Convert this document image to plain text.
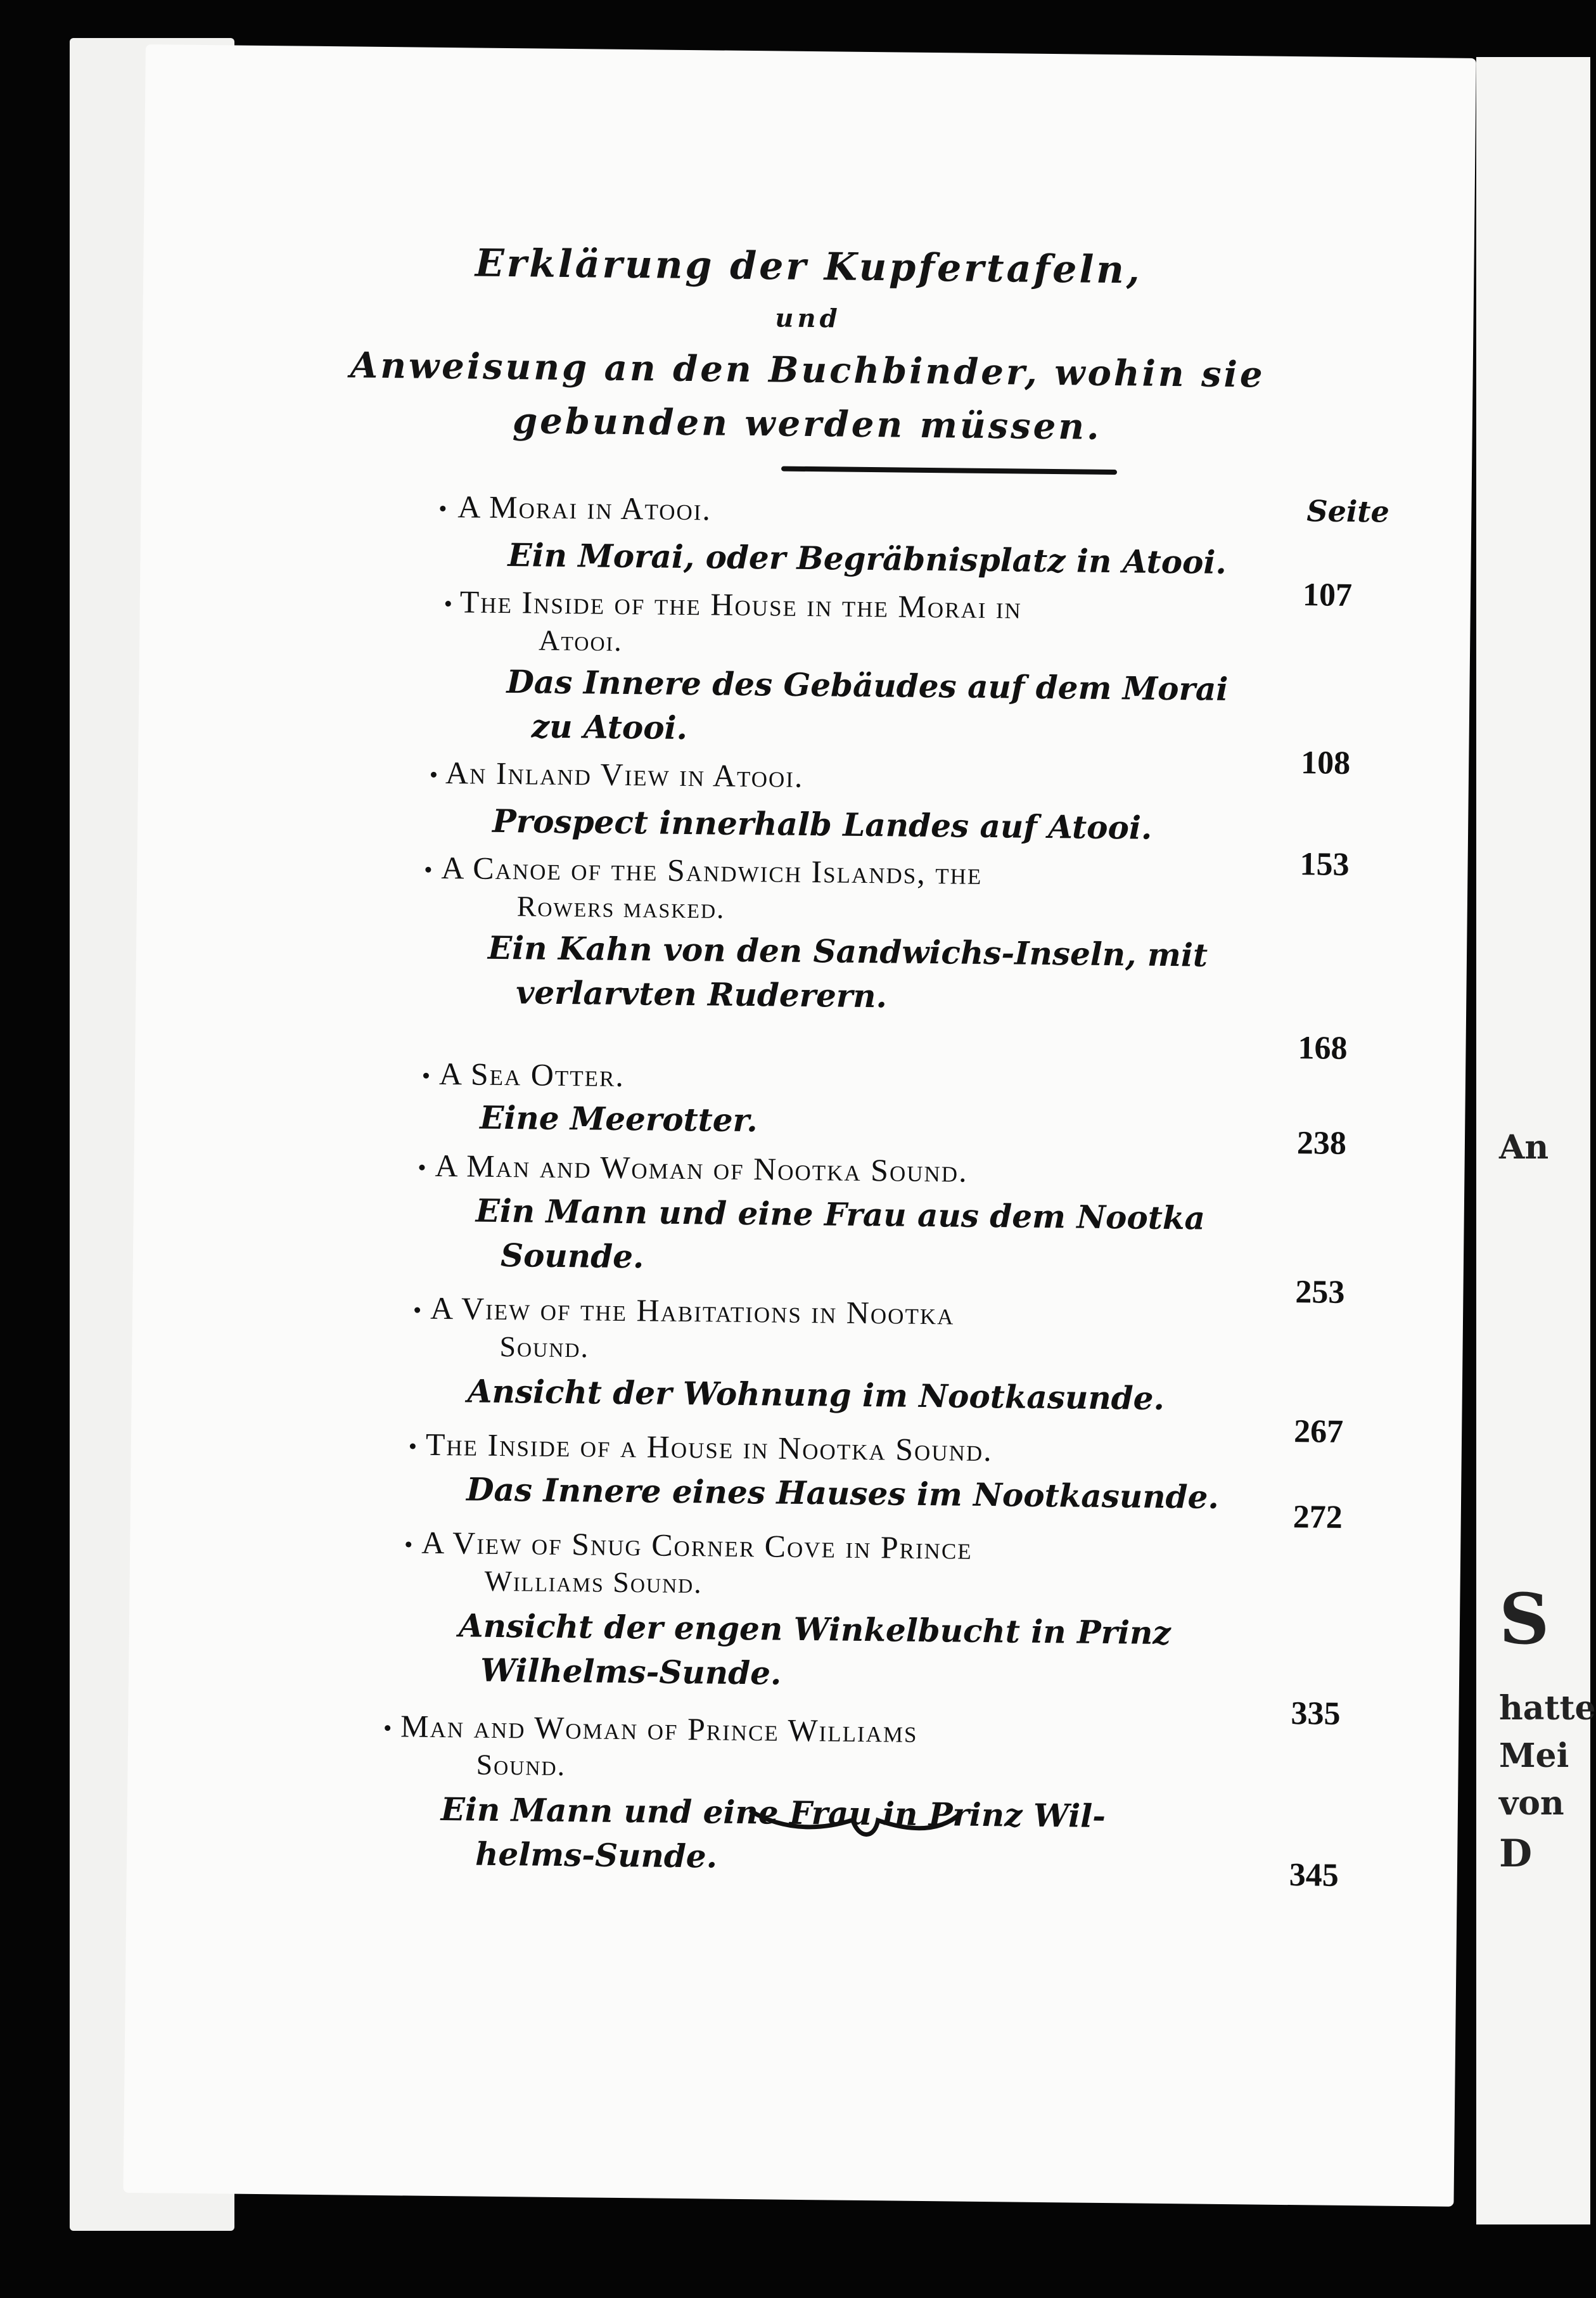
An
S
hatte
Mei
von
D
Erklärung der Kupfertafeln,
und
Anweisung an den Buchbinder, wohin sie
gebunden werden müssen.
Seite
A Morai in Atooi.
Ein Morai, oder Begräbnisplatz in Atooi.
107
The Inside of the House in the Morai in
Atooi.
Das Innere des Gebäudes auf dem Morai
zu Atooi.
108
An Inland View in Atooi.
Prospect innerhalb Landes auf Atooi.
153
A Canoe of the Sandwich Islands, the
Rowers masked.
Ein Kahn von den Sandwichs-Inseln, mit
verlarvten Ruderern.
168
A Sea Otter.
Eine Meerotter.
238
A Man and Woman of Nootka Sound.
Ein Mann und eine Frau aus dem Nootka
Sounde.
253
A View of the Habitations in Nootka
Sound.
Ansicht der Wohnung im Nootkasunde.
267
The Inside of a House in Nootka Sound.
Das Innere eines Hauses im Nootkasunde.
272
A View of Snug Corner Cove in Prince
Williams Sound.
Ansicht der engen Winkelbucht in Prinz
Wilhelms-Sunde.
335
Man and Woman of Prince Williams
Sound.
Ein Mann und eine Frau in Prinz Wil-
helms-Sunde.
345
